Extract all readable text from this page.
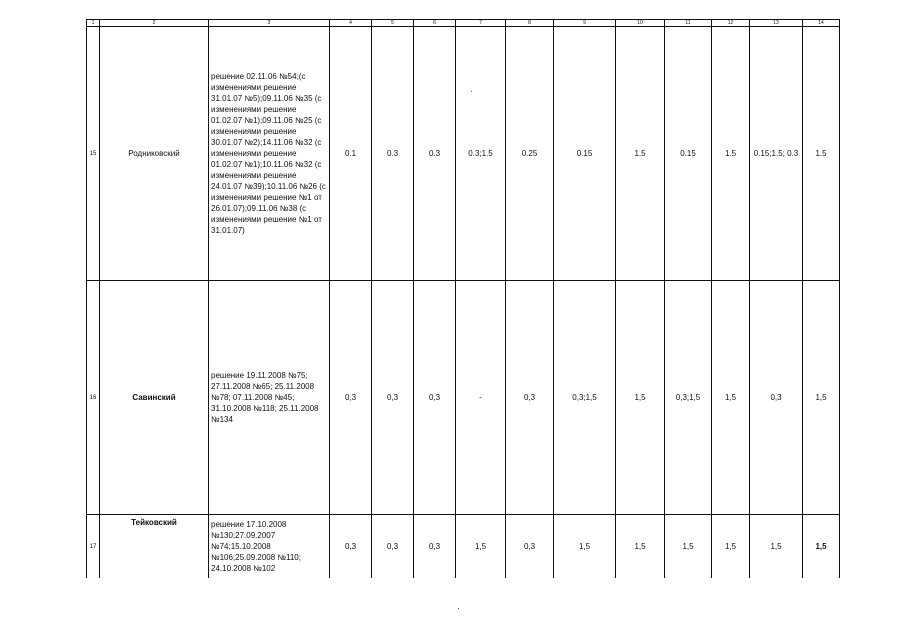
1	2	3	4	5	6	7	8	9	10	11	12	13	14
15	Родниковский	решение 02.11.06 №54;(с изменениями решение 31.01.07 №5);09.11.06 №35 (с изменениями решение 01.02.07 №1);09.11.06 №25 (с изменениями решение 30.01.07 №2);14.11.06 №32 (с изменениями решение 01.02.07 №1);10.11.06 №32 (с изменениями решение 24.01.07 №39);10.11.06 №26 (с изменениями решение №1 от 26.01.07);09.11.06 №38 (с изменениями решение №1 от 31.01.07)	0.1	0.3	0.3	0.3;1.5	0.25	0.15	1.5	0.15	1.5	0.15;1.5; 0.3	1.5
16	Савинский	решение 19.11.2008 №75; 27.11.2008 №65; 25.11.2008 №78; 07.11.2008 №45; 31.10.2008 №118; 25.11.2008 №134	0,3	0,3	0,3	-	0,3	0,3;1,5	1,5	0,3;1,5	1,5	0,3	1,5
17	Тейковский	решение 17.10.2008 №130;27.09.2007 №74;15.10.2008 №106;25.09.2008 №110; 24.10.2008 №102	0,3	0,3	0,3	1,5	0,3	1,5	1,5	1,5	1,5	1,5	1,5
